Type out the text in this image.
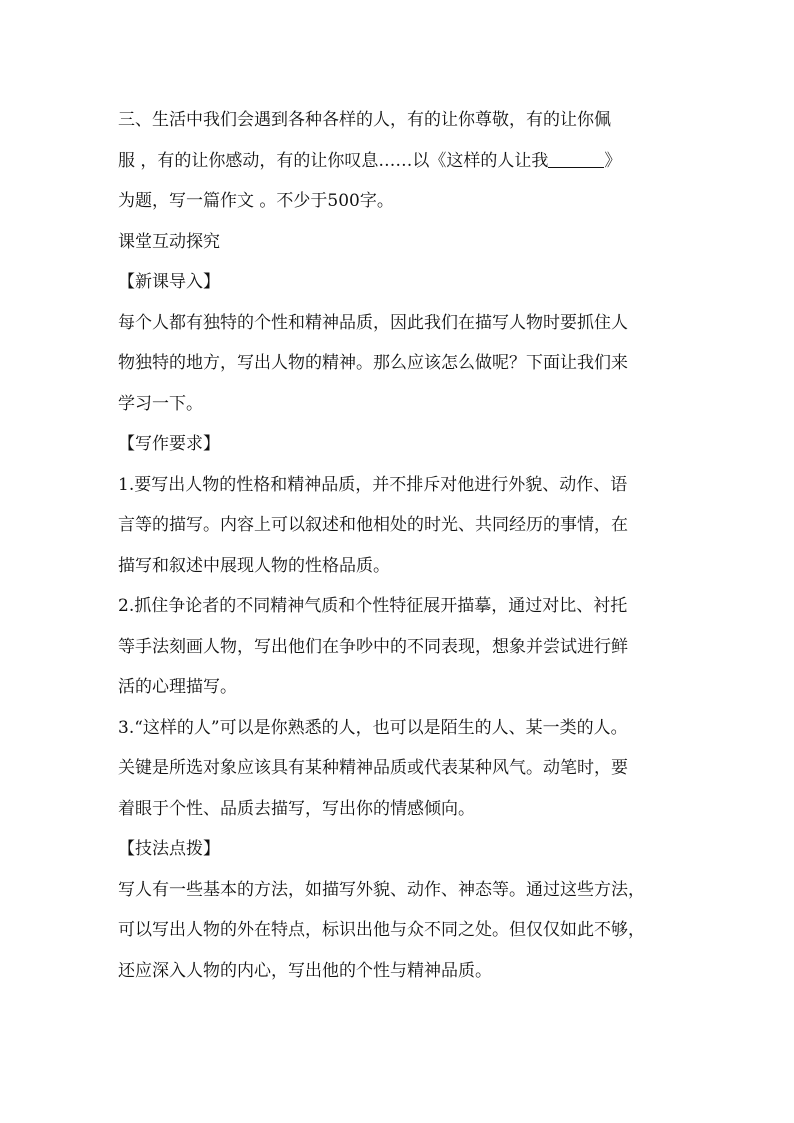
三、生活中我们会遇到各种各样的人，有的让你尊敬，有的让你佩
服 ，有的让你感动，有的让你叹息……以《这样的人让我	》
为题，写一篇作文 。不少于500字。
课堂互动探究
【新课导入】
每个人都有独特的个性和精神品质，因此我们在描写人物时要抓住人
物独特的地方，写出人物的精神。那么应该怎么做呢？下面让我们来
学习一下。
【写作要求】
1.要写出人物的性格和精神品质，并不排斥对他进行外貌、动作、语
言等的描写。内容上可以叙述和他相处的时光、共同经历的事情，在
描写和叙述中展现人物的性格品质。
2.抓住争论者的不同精神气质和个性特征展开描摹，通过对比、衬托
等手法刻画人物，写出他们在争吵中的不同表现，想象并尝试进行鲜
活的心理描写。
3.“这样的人”可以是你熟悉的人，也可以是陌生的人、某一类的人。
关键是所选对象应该具有某种精神品质或代表某种风气。动笔时，要
着眼于个性、品质去描写，写出你的情感倾向。
【技法点拨】
写人有一些基本的方法，如描写外貌、动作、神态等。通过这些方法，
可以写出人物的外在特点，标识出他与众不同之处。但仅仅如此不够，
还应深入人物的内心，写出他的个性与精神品质。
